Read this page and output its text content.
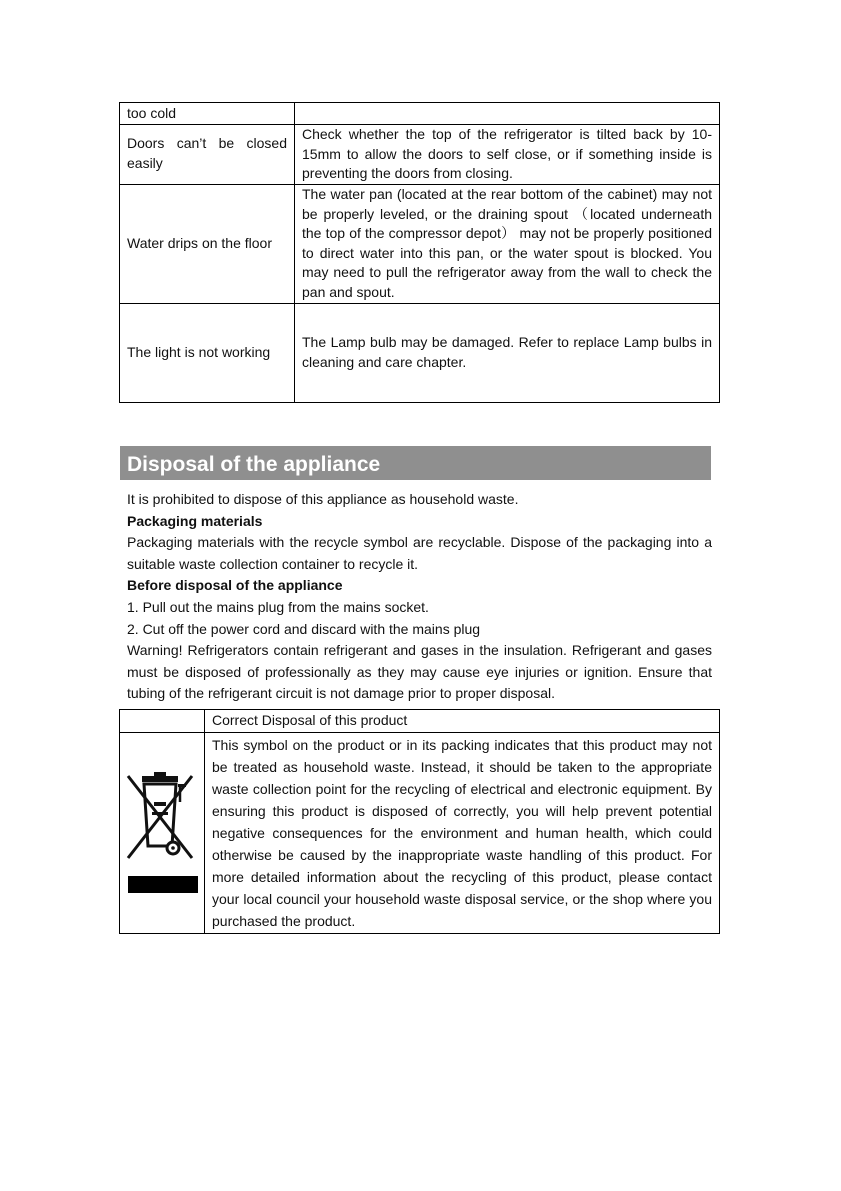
too cold	
Doors can’t be closed easily	Check whether the top of the refrigerator is tilted back by 10-15mm to allow the doors to self close, or if something inside is preventing the doors from closing.
Water drips on the floor	The water pan (located at the rear bottom of the cabinet) may not be properly leveled, or the draining spout （located underneath the top of the compressor depot） may not be properly positioned to direct water into this pan, or the water spout is blocked. You may need to pull the refrigerator away from the wall to check the pan and spout.
The light is not working	The Lamp bulb may be damaged. Refer to replace Lamp bulbs in cleaning and care chapter.
Disposal of the appliance

It is prohibited to dispose of this appliance as household waste.

Packaging materials

Packaging materials with the recycle symbol are recyclable. Dispose of the packaging into a suitable waste collection container to recycle it.

Before disposal of the appliance

1. Pull out the mains plug from the mains socket.

2. Cut off the power cord and discard with the mains plug

Warning! Refrigerators contain refrigerant and gases in the insulation. Refrigerant and gases must be disposed of professionally as they may cause eye injuries or ignition. Ensure that tubing of the refrigerant circuit is not damage prior to proper disposal.

	Correct Disposal of this product

	This symbol on the product or in its packing indicates that this product may not be treated as household waste. Instead, it should be taken to the appropriate waste collection point for the recycling of electrical and electronic equipment. By ensuring this product is disposed of correctly, you will help prevent potential negative consequences for the environment and human health, which could otherwise be caused by the inappropriate waste handling of this product. For more detailed information about the recycling of this product, please contact your local council your household waste disposal service, or the shop where you purchased the product.
